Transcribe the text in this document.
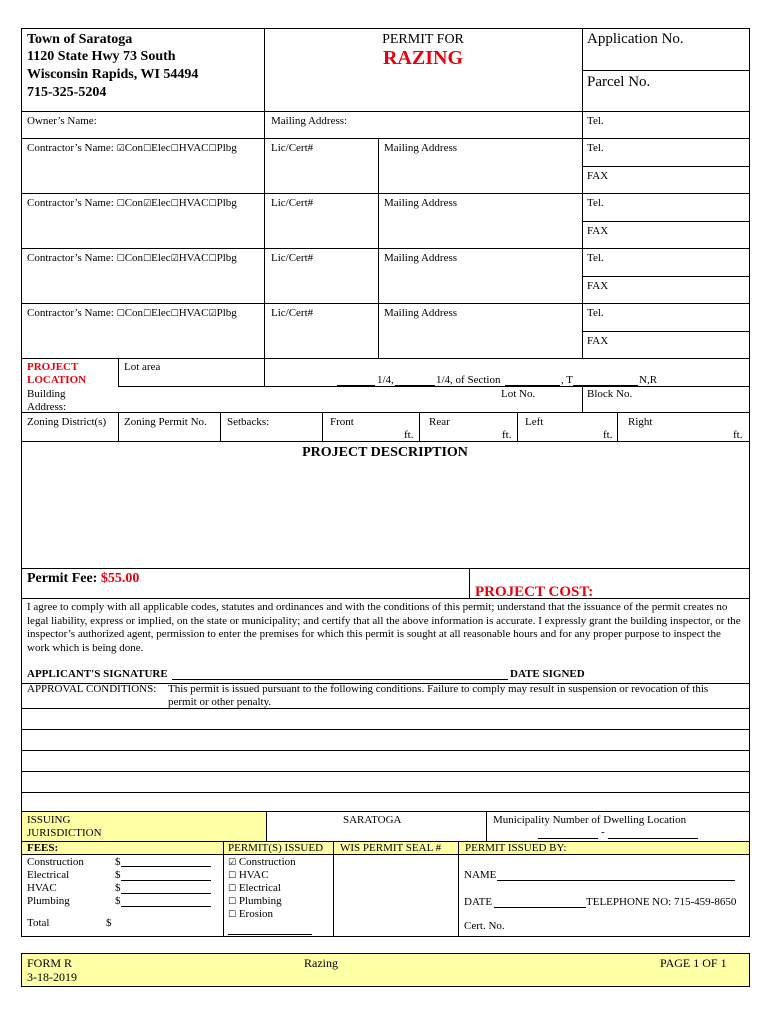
Town of Saratoga
1120 State Hwy 73 South
Wisconsin Rapids, WI 54494
715-325-5204
PERMIT FOR
RAZING
Application No.
Parcel No.
Owner’s Name:	Mailing Address:	Tel.
Contractor’s Name: ☑Con☐Elec☐HVAC☐Plbg	Lic/Cert#	Mailing Address	Tel.
FAX
Contractor’s Name: ☐Con☑Elec☐HVAC☐Plbg	Lic/Cert#	Mailing Address	Tel.
FAX
Contractor’s Name: ☐Con☐Elec☑HVAC☐Plbg	Lic/Cert#	Mailing Address	Tel.
FAX
Contractor’s Name: ☐Con☐Elec☐HVAC☑Plbg	Lic/Cert#	Mailing Address	Tel.
FAX
PROJECT
LOCATION
Lot area
1/4,	1/4, of Section	, T	N,R
Building
Address:
Lot No.	Block No.
Zoning District(s) Zoning Permit No. Setbacks:	Front	Rear	Left	Right
ft.	ft.	ft.	ft.
PROJECT DESCRIPTION
Permit Fee: $55.00
PROJECT COST:
I agree to comply with all applicable codes, statutes and ordinances and with the conditions of this permit; understand that the issuance of the permit creates no legal liability, express or implied, on the state or municipality; and certify that all the above information is accurate. I expressly grant the building inspector, or the inspector’s authorized agent, permission to enter the premises for which this permit is sought at all reasonable hours and for any proper purpose to inspect the work which is being done.
APPLICANT'S SIGNATURE	DATE SIGNED
APPROVAL CONDITIONS: This permit is issued pursuant to the following conditions. Failure to comply may result in suspension or revocation of this
permit or other penalty.
ISSUING
JURISDICTION
SARATOGA	Municipality Number of Dwelling Location
-
FEES:	PERMIT(S) ISSUED WIS PERMIT SEAL # PERMIT ISSUED BY:
Construction	$
Electrical	$
HVAC	$
Plumbing	$
Total	$
☑ Construction
☐ HVAC
☐ Electrical
☐ Plumbing
☐ Erosion
NAME
DATE	TELEPHONE NO: 715-459-8650
Cert. No.
FORM R
3-18-2019
Razing	PAGE 1 OF 1
